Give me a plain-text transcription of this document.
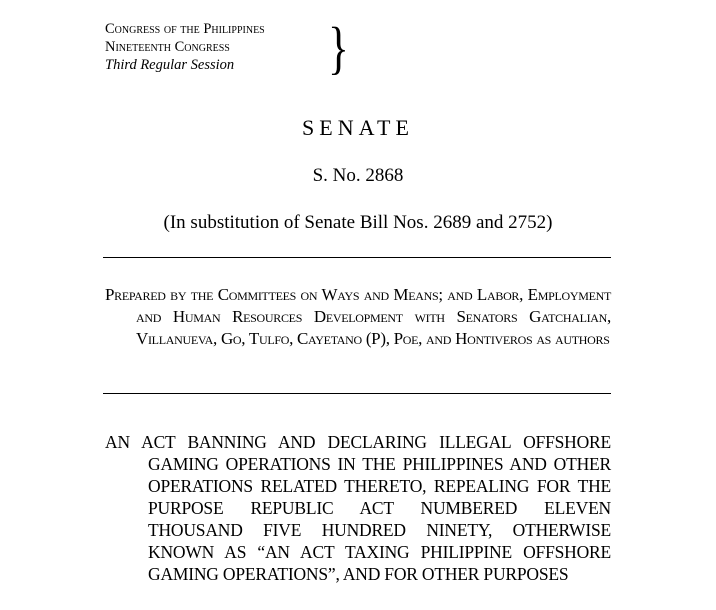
Congress of the Philippines
Nineteenth Congress
Third Regular Session	}
SENATE
S. No. 2868
(In substitution of Senate Bill Nos. 2689 and 2752)
Prepared by the Committees on Ways and Means; and Labor, Employment and Human Resources Development with Senators Gatchalian, Villanueva, Go, Tulfo, Cayetano (P), Poe, and Hontiveros as authors
AN ACT BANNING AND DECLARING ILLEGAL OFFSHORE GAMING OPERATIONS IN THE PHILIPPINES AND OTHER OPERATIONS RELATED THERETO, REPEALING FOR THE PURPOSE REPUBLIC ACT NUMBERED ELEVEN THOUSAND FIVE HUNDRED NINETY, OTHERWISE KNOWN AS “AN ACT TAXING PHILIPPINE OFFSHORE GAMING OPERATIONS”, AND FOR OTHER PURPOSES
